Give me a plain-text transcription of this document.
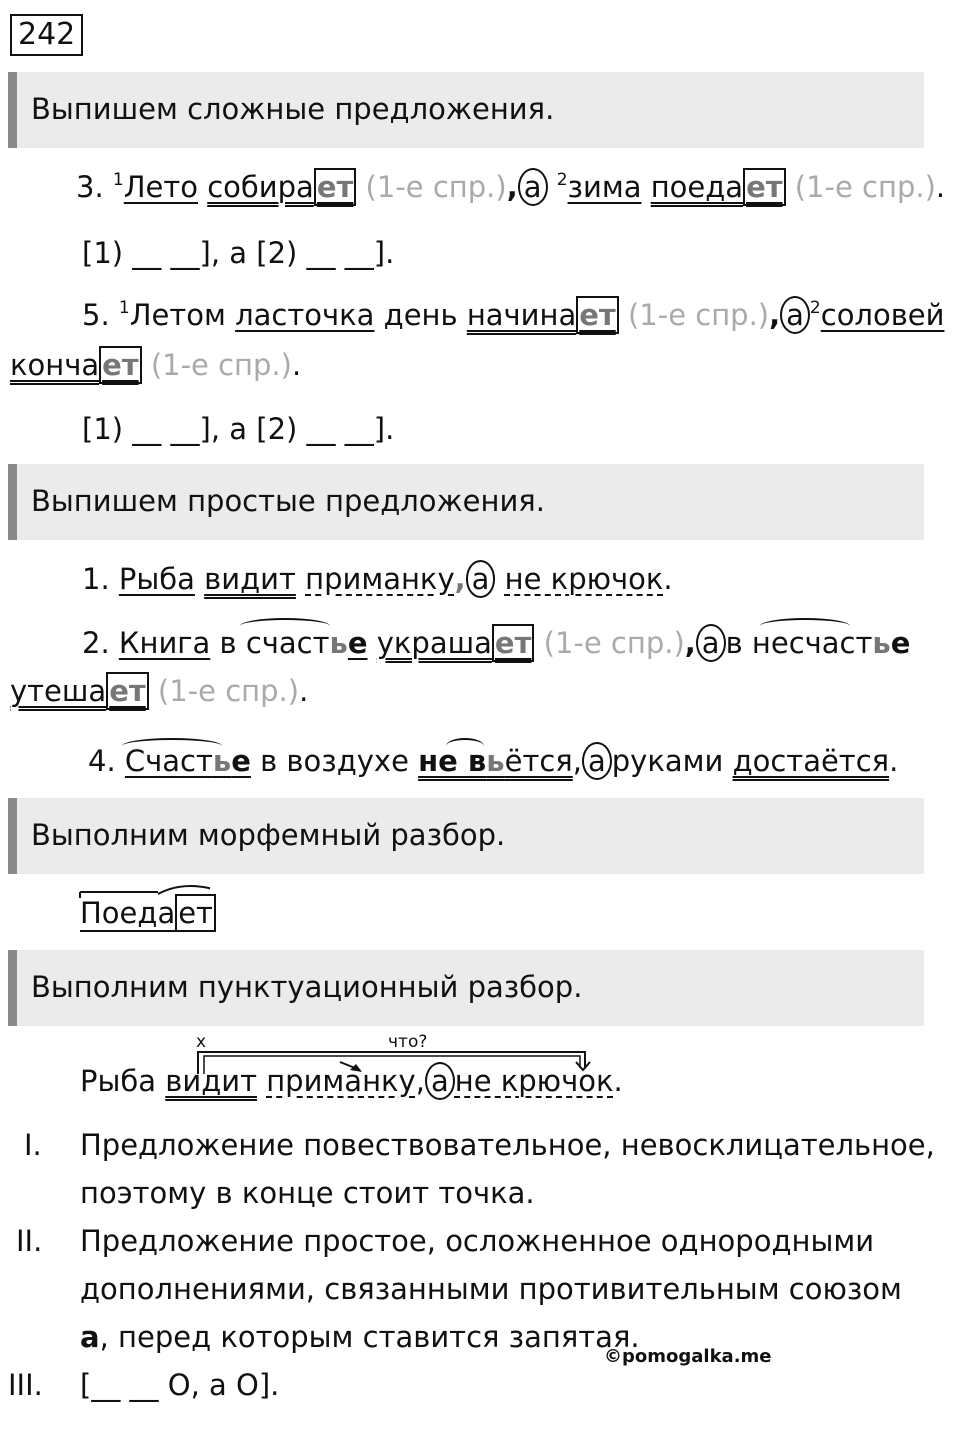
242
Выпишем сложные предложения.
3. $^1$Лето собира ет (1-е спр.), а $^2$зима поеда ет (1-е спр.).
[1) __ __], а [2) __ __].
5. $^1$Летом ласточка день начина ет (1-е спр.), а $^2$соловей
конча ет (1-е спр.).
[1) __ __], а [2) __ __].
Выпишем простые предложения.
1. Рыба видит приманку, а не крючок.
2. Книга в счастье украша ет (1-е спр.), а в несчастье
утеша ет (1-е спр.).
4. Счастье в воздухе не вьётся, а руками достаётся.
Выполним морфемный разбор.
Поеда ет
Выполним пунктуационный разбор.
х	что?
Рыба видит приманку, а не крючок.
I. Предложение повествовательное, невосклицательное,
поэтому в конце стоит точка.
II. Предложение простое, осложненное однородными
дополнениями, связанными противительным союзом
а, перед которым ставится запятая.
©pomogalka.me
III. [__ __ О, а О].
